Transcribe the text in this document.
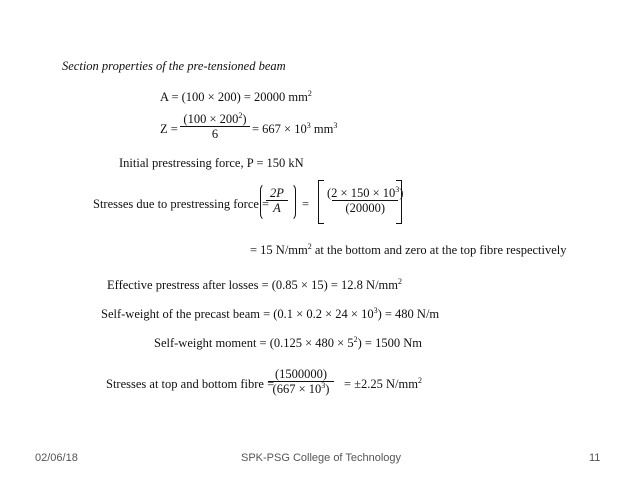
Section properties of the pre-tensioned beam
A = (100 × 200) = 20000 $mm^2$
$Z = \frac{(100 \times 200^2)}{6} = 667 \times 10^3$ $mm^3$
Initial prestressing force, P = 150 kN
Stresses due to prestressing force =
$\frac{2P}{A} = \frac{(2 \times 150 \times 10^3)}{(20000)}$
= 15 $N/mm^2$ at the bottom and zero at the top fibre respectively
Effective prestress after losses = (0.85 × 15) = 12.8 $N/mm^2$
Self-weight of the precast beam = $(0.1 \times 0.2 \times 24 \times 10^3) = 480$ N/m
Self-weight moment = $(0.125 \times 480 \times 5^2) = 1500$ Nm
Stresses at top and bottom fibre =
$\frac{(1500000)}{(667 \times 10^3)} = \pm 2.25$ $N/mm^2$
02/06/18	SPK-PSG College of Technology	11
